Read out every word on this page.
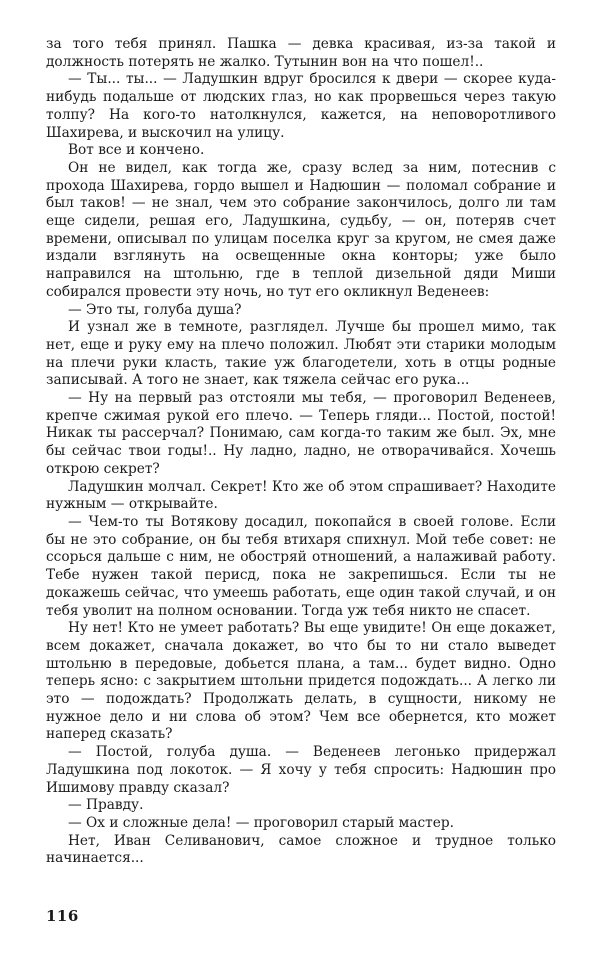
за того тебя принял. Пашка — девка красивая, из-за такой и должность потерять не жалко. Тутынин вон на что пошел!..

— Ты... ты... — Ладушкин вдруг бросился к двери — скорее куда-нибудь подальше от людских глаз, но как прорвешься через такую толпу? На кого-то натолкнулся, кажется, на неповоротливого Шахирева, и выскочил на улицу.

Вот все и кончено.

Он не видел, как тогда же, сразу вслед за ним, потеснив с прохода Шахирева, гордо вышел и Надюшин — поломал собрание и был таков! — не знал, чем это собрание закончилось, долго ли там еще сидели, решая его, Ладушкина, судьбу, — он, потеряв счет времени, описывал по улицам поселка круг за кругом, не смея даже издали взглянуть на освещенные окна конторы; уже было направился на штольню, где в теплой дизельной дяди Миши собирался провести эту ночь, но тут его окликнул Веденеев:

— Это ты, голуба душа?

И узнал же в темноте, разглядел. Лучше бы прошел мимо, так нет, еще и руку ему на плечо положил. Любят эти старики молодым на плечи руки класть, такие уж благодетели, хоть в отцы родные записывай. А того не знает, как тяжела сейчас его рука...

— Ну на первый раз отстояли мы тебя, — проговорил Веденеев, крепче сжимая рукой его плечо. — Теперь гляди... Постой, постой! Никак ты рассерчал? Понимаю, сам когда-то таким же был. Эх, мне бы сейчас твои годы!.. Ну ладно, ладно, не отворачивайся. Хочешь открою секрет?

Ладушкин молчал. Секрет! Кто же об этом спрашивает? Находите нужным — открывайте.

— Чем-то ты Вотякову досадил, покопайся в своей голове. Если бы не это собрание, он бы тебя втихаря спихнул. Мой тебе совет: не ссорься дальше с ним, не обостряй отношений, а налаживай работу. Тебе нужен такой перисд, пока не закрепишься. Если ты не докажешь сейчас, что умеешь работать, еще один такой случай, и он тебя уволит на полном основании. Тогда уж тебя никто не спасет.

Ну нет! Кто не умеет работать? Вы еще увидите! Он еще докажет, всем докажет, сначала докажет, во что бы то ни стало выведет штольню в передовые, добьется плана, а там... будет видно. Одно теперь ясно: с закрытием штольни придется подождать... А легко ли это — подождать? Продолжать делать, в сущности, никому не нужное дело и ни слова об этом? Чем все обернется, кто может наперед сказать?

— Постой, голуба душа. — Веденеев легонько придержал Ладушкина под локоток. — Я хочу у тебя спросить: Надюшин про Ишимову правду сказал?

— Правду.

— Ох и сложные дела! — проговорил старый мастер.

Нет, Иван Селиванович, самое сложное и трудное только начинается...

116
